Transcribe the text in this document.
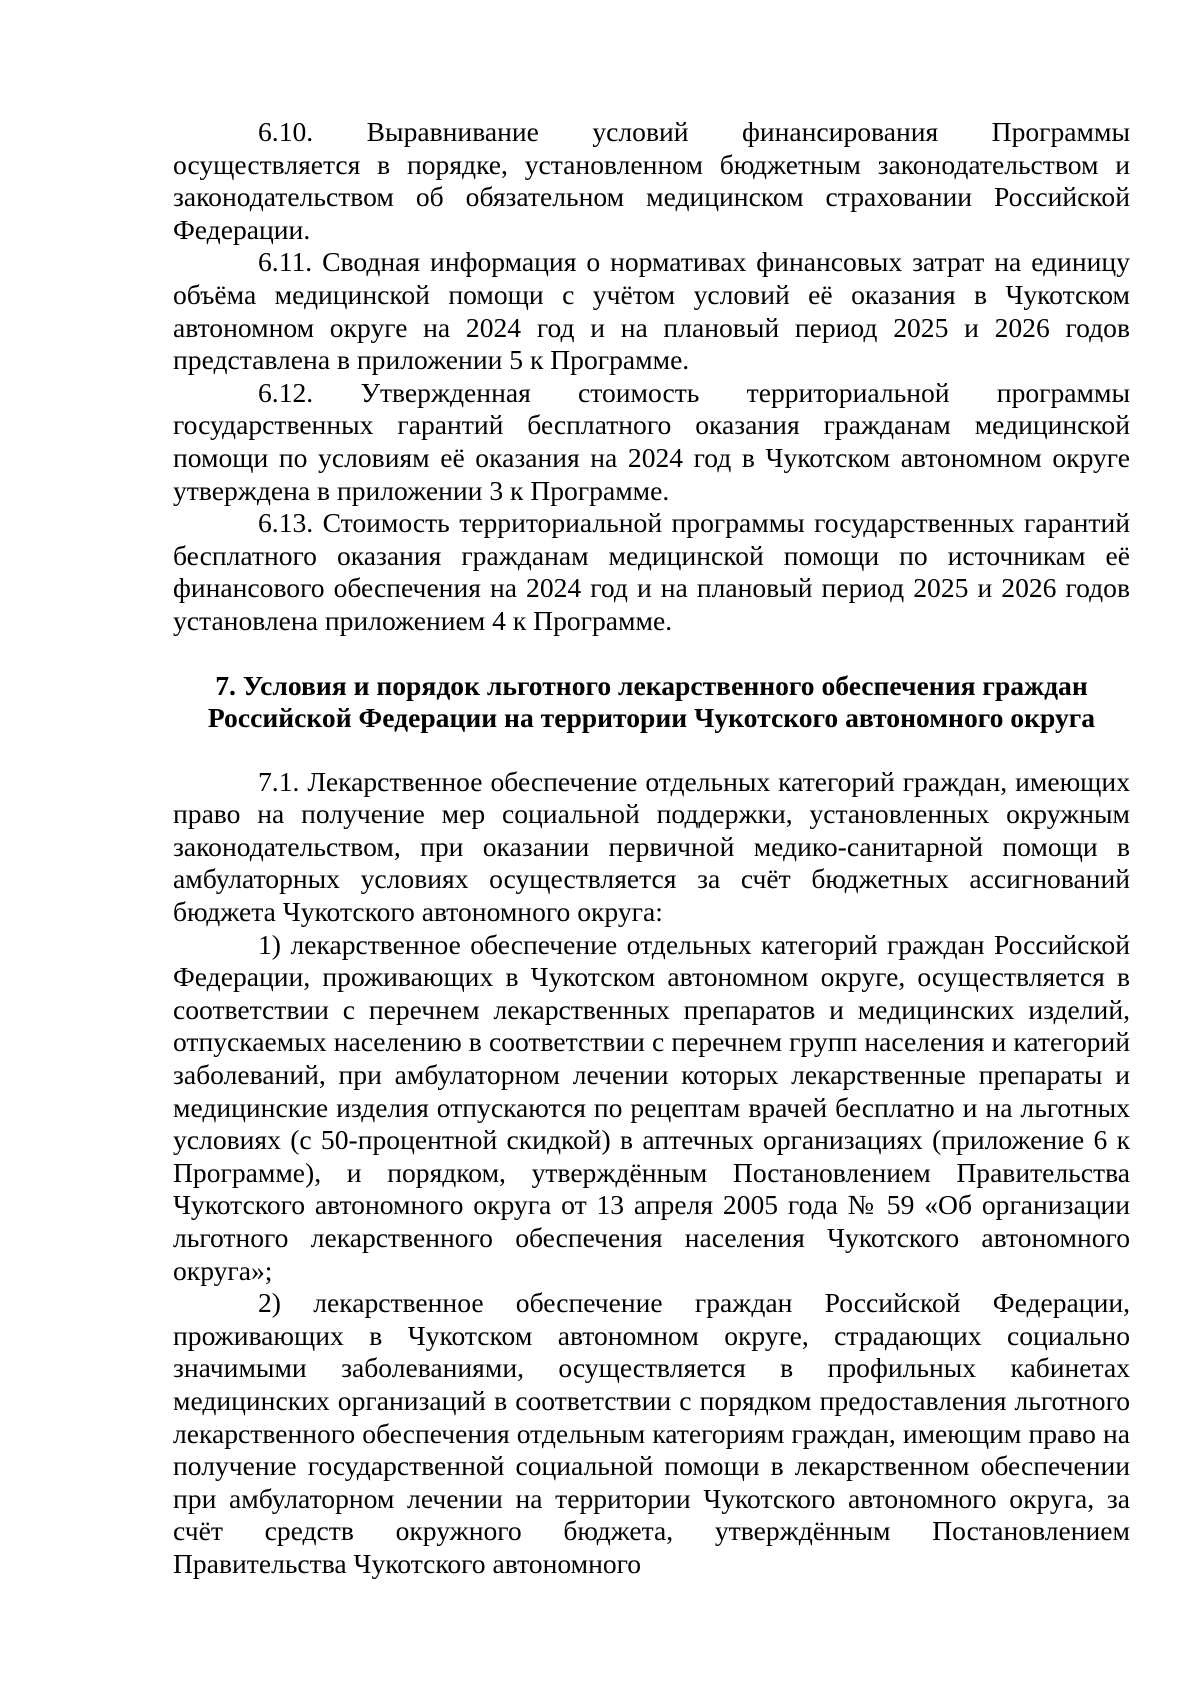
6.10. Выравнивание условий финансирования Программы осуществляется в порядке, установленном бюджетным законодательством и законодательством об обязательном медицинском страховании Российской Федерации.

6.11. Сводная информация о нормативах финансовых затрат на единицу объёма медицинской помощи с учётом условий её оказания в Чукотском автономном округе на 2024 год и на плановый период 2025 и 2026 годов представлена в приложении 5 к Программе.

6.12. Утвержденная стоимость территориальной программы государственных гарантий бесплатного оказания гражданам медицинской помощи по условиям её оказания на 2024 год в Чукотском автономном округе утверждена в приложении 3 к Программе.

6.13. Стоимость территориальной программы государственных гарантий бесплатного оказания гражданам медицинской помощи по источникам её финансового обеспечения на 2024 год и на плановый период 2025 и 2026 годов установлена приложением 4 к Программе.

7. Условия и порядок льготного лекарственного обеспечения граждан
Российской Федерации на территории Чукотского автономного округа

7.1. Лекарственное обеспечение отдельных категорий граждан, имеющих право на получение мер социальной поддержки, установленных окружным законодательством, при оказании первичной медико-санитарной помощи в амбулаторных условиях осуществляется за счёт бюджетных ассигнований бюджета Чукотского автономного округа:

1) лекарственное обеспечение отдельных категорий граждан Российской Федерации, проживающих в Чукотском автономном округе, осуществляется в соответствии с перечнем лекарственных препаратов и медицинских изделий, отпускаемых населению в соответствии с перечнем групп населения и категорий заболеваний, при амбулаторном лечении которых лекарственные препараты и медицинские изделия отпускаются по рецептам врачей бесплатно и на льготных условиях (с 50-процентной скидкой) в аптечных организациях (приложение 6 к Программе), и порядком, утверждённым Постановлением Правительства Чукотского автономного округа от 13 апреля 2005 года № 59 «Об организации льготного лекарственного обеспечения населения Чукотского автономного округа»;

2) лекарственное обеспечение граждан Российской Федерации, проживающих в Чукотском автономном округе, страдающих социально значимыми заболеваниями, осуществляется в профильных кабинетах медицинских организаций в соответствии с порядком предоставления льготного лекарственного обеспечения отдельным категориям граждан, имеющим право на получение государственной социальной помощи в лекарственном обеспечении при амбулаторном лечении на территории Чукотского автономного округа, за счёт средств окружного бюджета, утверждённым Постановлением Правительства Чукотского автономного
